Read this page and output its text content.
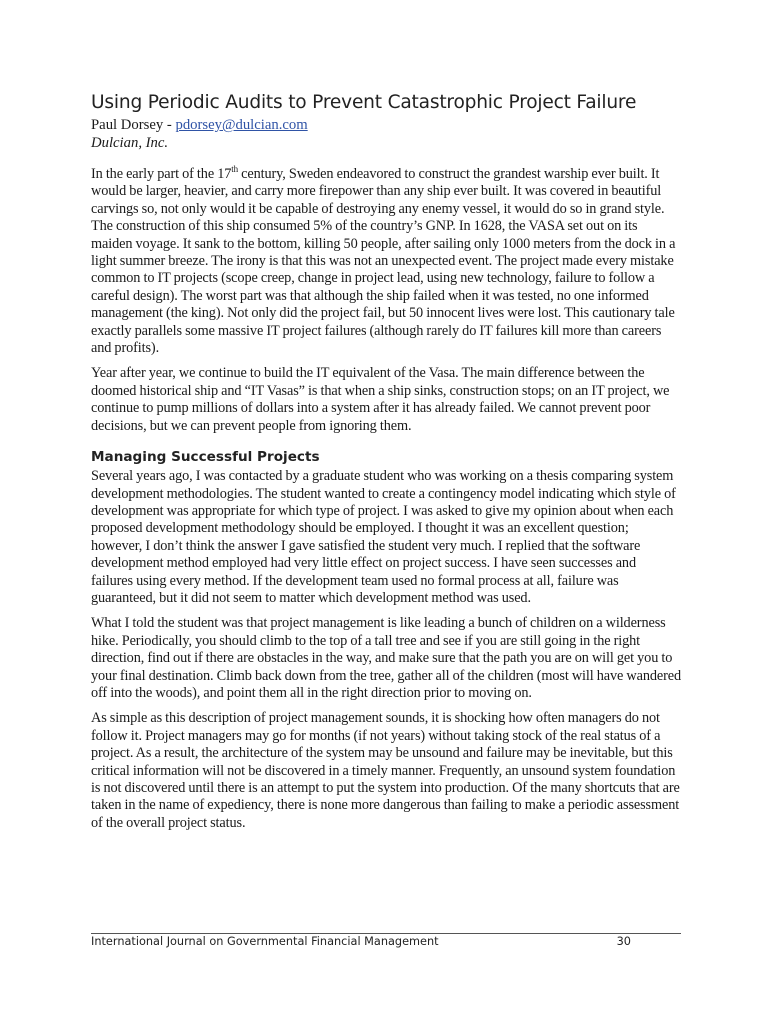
Using Periodic Audits to Prevent Catastrophic Project Failure

Paul Dorsey - pdorsey@dulcian.com

Dulcian, Inc.

In the early part of the 17th century, Sweden endeavored to construct the grandest warship ever built. It would be larger, heavier, and carry more firepower than any ship ever built. It was covered in beautiful carvings so, not only would it be capable of destroying any enemy vessel, it would do so in grand style. The construction of this ship consumed 5% of the country’s GNP. In 1628, the VASA set out on its maiden voyage. It sank to the bottom, killing 50 people, after sailing only 1000 meters from the dock in a light summer breeze. The irony is that this was not an unexpected event. The project made every mistake common to IT projects (scope creep, change in project lead, using new technology, failure to follow a careful design). The worst part was that although the ship failed when it was tested, no one informed management (the king). Not only did the project fail, but 50 innocent lives were lost. This cautionary tale exactly parallels some massive IT project failures (although rarely do IT failures kill more than careers and profits).

Year after year, we continue to build the IT equivalent of the Vasa. The main difference between the doomed historical ship and “IT Vasas” is that when a ship sinks, construction stops; on an IT project, we continue to pump millions of dollars into a system after it has already failed. We cannot prevent poor decisions, but we can prevent people from ignoring them.

Managing Successful Projects

Several years ago, I was contacted by a graduate student who was working on a thesis comparing system development methodologies. The student wanted to create a contingency model indicating which style of development was appropriate for which type of project. I was asked to give my opinion about when each proposed development methodology should be employed. I thought it was an excellent question; however, I don’t think the answer I gave satisfied the student very much. I replied that the software development method employed had very little effect on project success. I have seen successes and failures using every method. If the development team used no formal process at all, failure was guaranteed, but it did not seem to matter which development method was used.

What I told the student was that project management is like leading a bunch of children on a wilderness hike. Periodically, you should climb to the top of a tall tree and see if you are still going in the right direction, find out if there are obstacles in the way, and make sure that the path you are on will get you to your final destination. Climb back down from the tree, gather all of the children (most will have wandered off into the woods), and point them all in the right direction prior to moving on.

As simple as this description of project management sounds, it is shocking how often managers do not follow it. Project managers may go for months (if not years) without taking stock of the real status of a project. As a result, the architecture of the system may be unsound and failure may be inevitable, but this critical information will not be discovered in a timely manner. Frequently, an unsound system foundation is not discovered until there is an attempt to put the system into production. Of the many shortcuts that are taken in the name of expediency, there is none more dangerous than failing to make a periodic assessment of the overall project status.

International Journal on Governmental Financial Management	30
